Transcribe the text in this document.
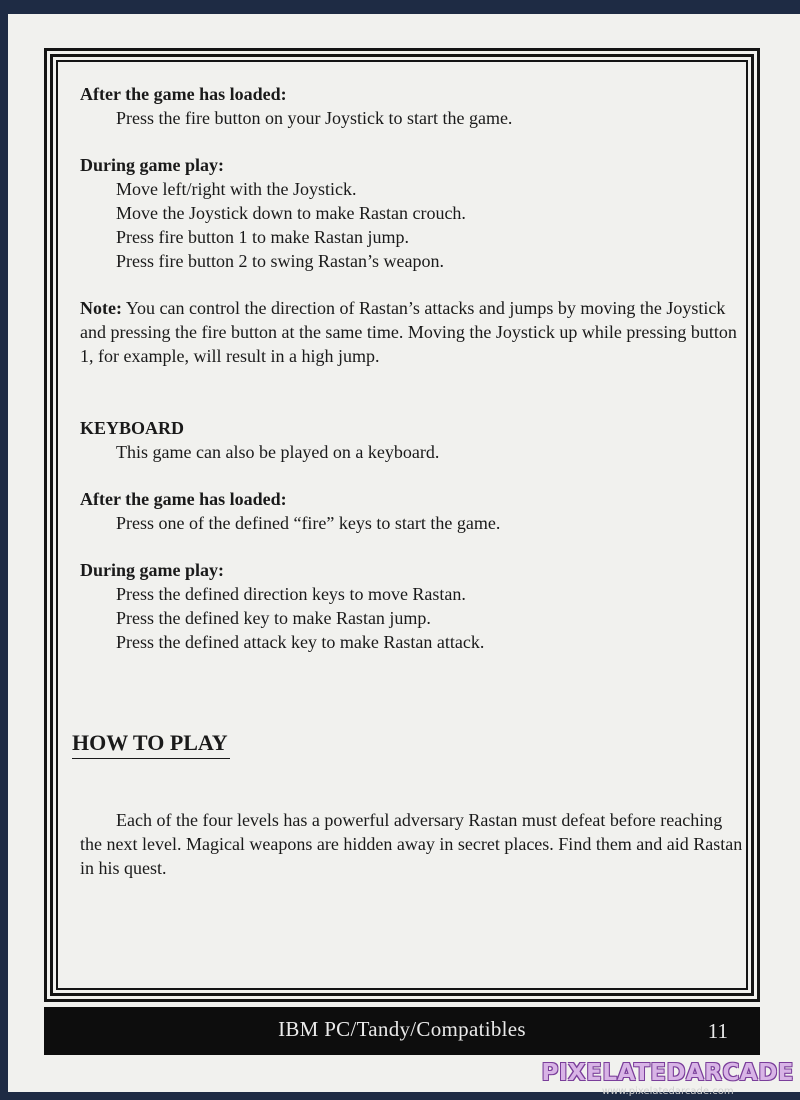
After the game has loaded:

Press the fire button on your Joystick to start the game.

During game play:

Move left/right with the Joystick.

Move the Joystick down to make Rastan crouch.

Press fire button 1 to make Rastan jump.

Press fire button 2 to swing Rastan’s weapon.

Note: You can control the direction of Rastan’s attacks and jumps by moving the Joystick and pressing the fire button at the same time. Moving the Joystick up while pressing button 1, for example, will result in a high jump.

KEYBOARD

This game can also be played on a keyboard.

After the game has loaded:

Press one of the defined “fire” keys to start the game.

During game play:

Press the defined direction keys to move Rastan.

Press the defined key to make Rastan jump.

Press the defined attack key to make Rastan attack.

HOW TO PLAY

Each of the four levels has a powerful adversary Rastan must defeat before reaching the next level. Magical weapons are hidden away in secret places. Find them and aid Rastan in his quest.

IBM PC/Tandy/Compatibles	11
PIXELATEDARCADE
www.pixelatedarcade.com
